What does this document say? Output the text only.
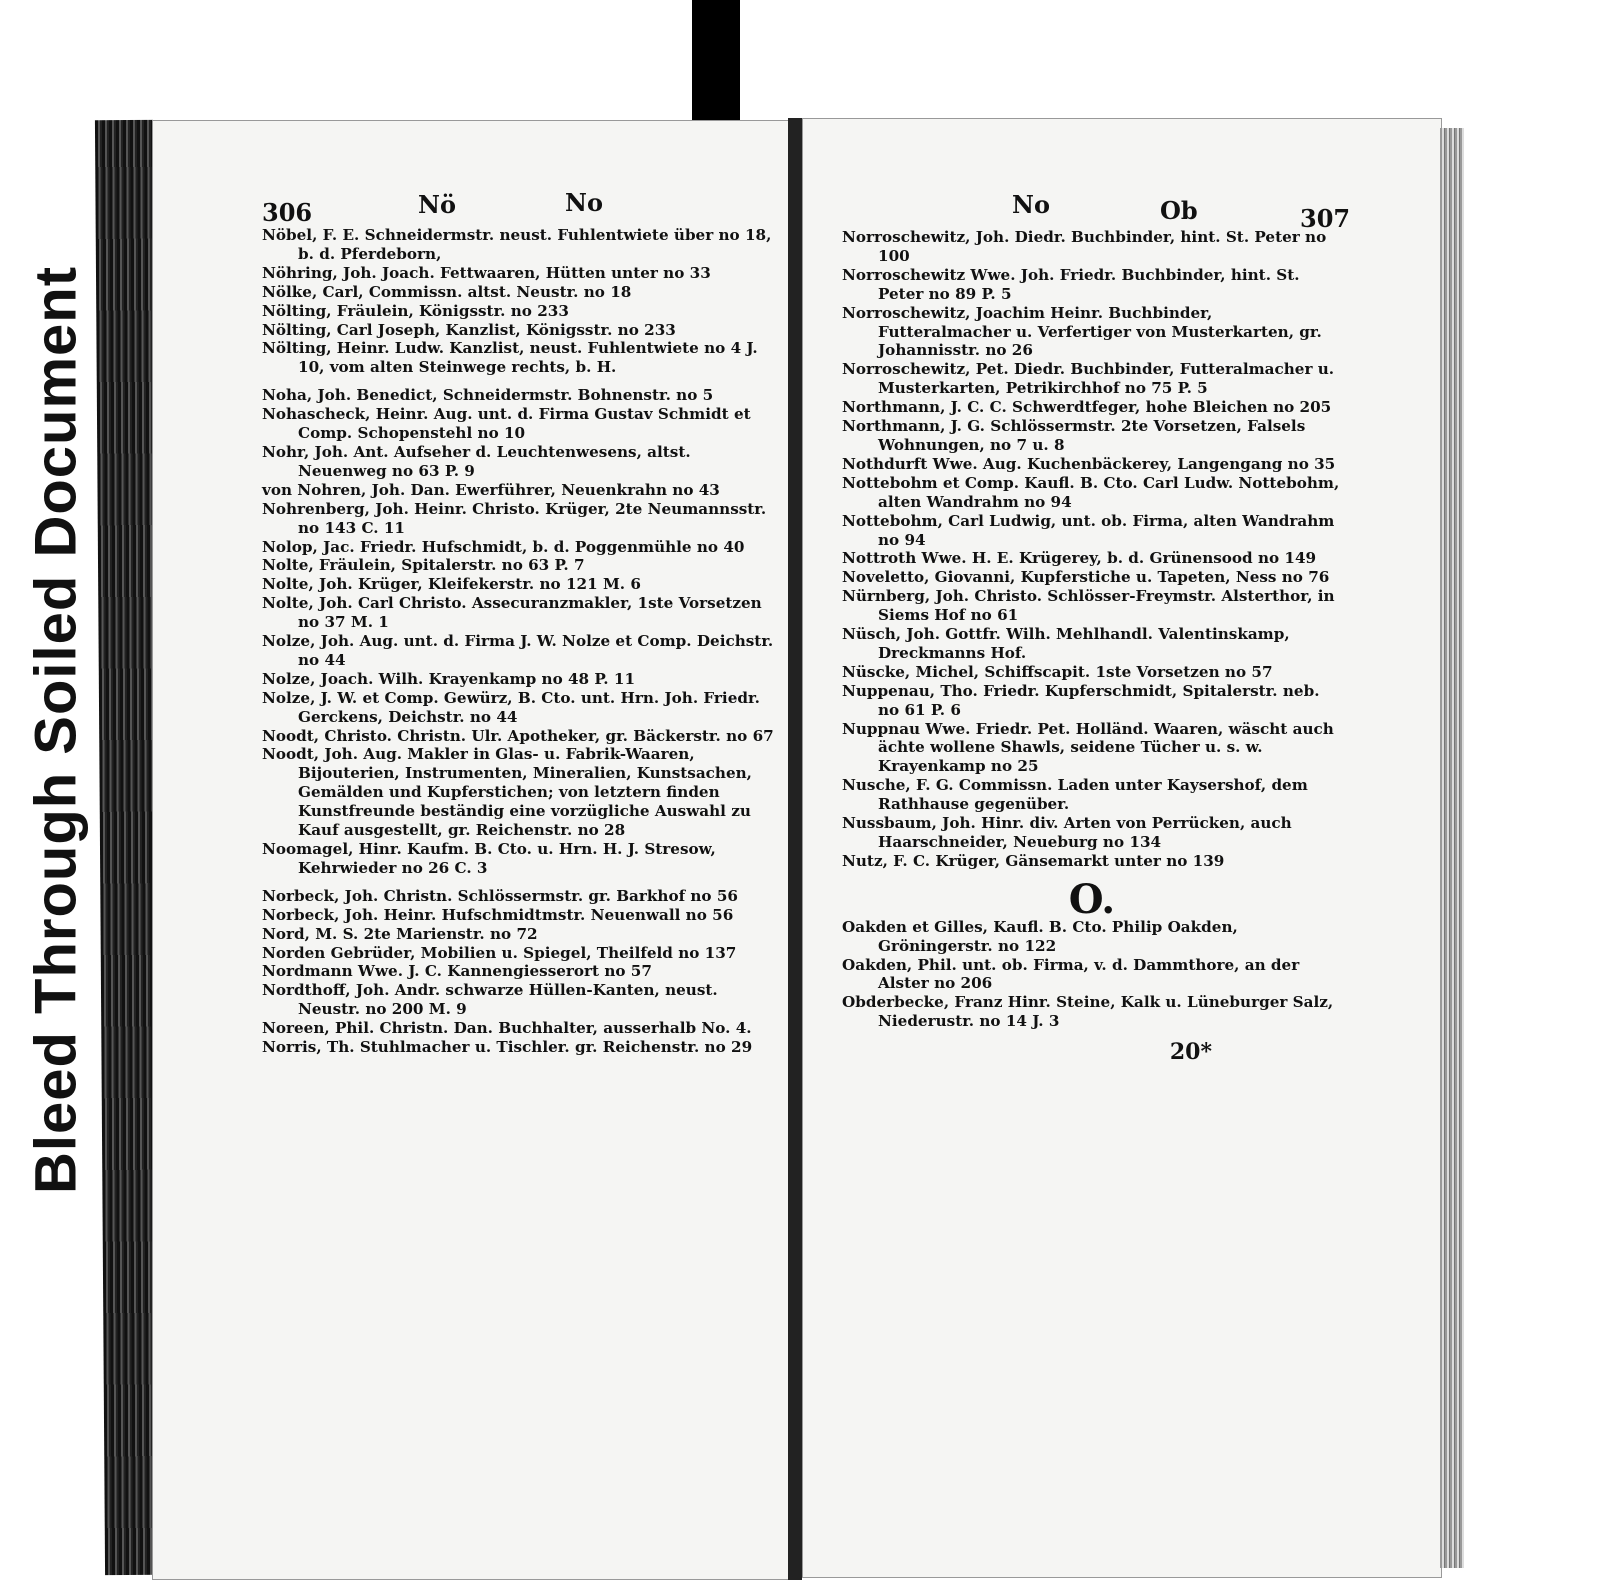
Bleed Through Soiled Document
306	Nö	No

Nöbel, F. E. Schneidermstr. neust. Fuhlentwiete über no 18, b. d. Pferdeborn,

Nöhring, Joh. Joach. Fettwaaren, Hütten unter no 33

Nölke, Carl, Commissn. altst. Neustr. no 18

Nölting, Fräulein, Königsstr. no 233

Nölting, Carl Joseph, Kanzlist, Königsstr. no 233

Nölting, Heinr. Ludw. Kanzlist, neust. Fuhlentwiete no 4 J. 10, vom alten Steinwege rechts, b. H.

Noha, Joh. Benedict, Schneidermstr. Bohnenstr. no 5

Nohascheck, Heinr. Aug. unt. d. Firma Gustav Schmidt et Comp. Schopenstehl no 10

Nohr, Joh. Ant. Aufseher d. Leuchtenwesens, altst. Neuenweg no 63 P. 9

von Nohren, Joh. Dan. Ewerführer, Neuenkrahn no 43

Nohrenberg, Joh. Heinr. Christo. Krüger, 2te Neumannsstr. no 143 C. 11

Nolop, Jac. Friedr. Hufschmidt, b. d. Poggenmühle no 40

Nolte, Fräulein, Spitalerstr. no 63 P. 7

Nolte, Joh. Krüger, Kleifekerstr. no 121 M. 6

Nolte, Joh. Carl Christo. Assecuranzmakler, 1ste Vorsetzen no 37 M. 1

Nolze, Joh. Aug. unt. d. Firma J. W. Nolze et Comp. Deichstr. no 44

Nolze, Joach. Wilh. Krayenkamp no 48 P. 11

Nolze, J. W. et Comp. Gewürz, B. Cto. unt. Hrn. Joh. Friedr. Gerckens, Deichstr. no 44

Noodt, Christo. Christn. Ulr. Apotheker, gr. Bäckerstr. no 67

Noodt, Joh. Aug. Makler in Glas- u. Fabrik-Waaren, Bijouterien, Instrumenten, Mineralien, Kunstsachen, Gemälden und Kupferstichen; von letztern finden Kunstfreunde beständig eine vorzügliche Auswahl zu Kauf ausgestellt, gr. Reichenstr. no 28

Noomagel, Hinr. Kaufm. B. Cto. u. Hrn. H. J. Stresow, Kehrwieder no 26 C. 3

Norbeck, Joh. Christn. Schlössermstr. gr. Barkhof no 56

Norbeck, Joh. Heinr. Hufschmidtmstr. Neuenwall no 56

Nord, M. S. 2te Marienstr. no 72

Norden Gebrüder, Mobilien u. Spiegel, Theilfeld no 137

Nordmann Wwe. J. C. Kannengiesserort no 57

Nordthoff, Joh. Andr. schwarze Hüllen-Kanten, neust. Neustr. no 200 M. 9

Noreen, Phil. Christn. Dan. Buchhalter, ausserhalb No. 4.

Norris, Th. Stuhlmacher u. Tischler. gr. Reichenstr. no 29

No	Ob	307

Norroschewitz, Joh. Diedr. Buchbinder, hint. St. Peter no 100

Norroschewitz Wwe. Joh. Friedr. Buchbinder, hint. St. Peter no 89 P. 5

Norroschewitz, Joachim Heinr. Buchbinder, Futteralmacher u. Verfertiger von Musterkarten, gr. Johannisstr. no 26

Norroschewitz, Pet. Diedr. Buchbinder, Futteralmacher u. Musterkarten, Petrikirchhof no 75 P. 5

Northmann, J. C. C. Schwerdtfeger, hohe Bleichen no 205

Northmann, J. G. Schlössermstr. 2te Vorsetzen, Falsels Wohnungen, no 7 u. 8

Nothdurft Wwe. Aug. Kuchenbäckerey, Langengang no 35

Nottebohm et Comp. Kaufl. B. Cto. Carl Ludw. Nottebohm, alten Wandrahm no 94

Nottebohm, Carl Ludwig, unt. ob. Firma, alten Wandrahm no 94

Nottroth Wwe. H. E. Krügerey, b. d. Grünensood no 149

Noveletto, Giovanni, Kupferstiche u. Tapeten, Ness no 76

Nürnberg, Joh. Christo. Schlösser-Freymstr. Alsterthor, in Siems Hof no 61

Nüsch, Joh. Gottfr. Wilh. Mehlhandl. Valentinskamp, Dreckmanns Hof.

Nüscke, Michel, Schiffscapit. 1ste Vorsetzen no 57

Nuppenau, Tho. Friedr. Kupferschmidt, Spitalerstr. neb. no 61 P. 6

Nuppnau Wwe. Friedr. Pet. Holländ. Waaren, wäscht auch ächte wollene Shawls, seidene Tücher u. s. w. Krayenkamp no 25

Nusche, F. G. Commissn. Laden unter Kaysershof, dem Rathhause gegenüber.

Nussbaum, Joh. Hinr. div. Arten von Perrücken, auch Haarschneider, Neueburg no 134

Nutz, F. C. Krüger, Gänsemarkt unter no 139

O.

Oakden et Gilles, Kaufl. B. Cto. Philip Oakden, Gröningerstr. no 122

Oakden, Phil. unt. ob. Firma, v. d. Dammthore, an der Alster no 206

Obderbecke, Franz Hinr. Steine, Kalk u. Lüneburger Salz, Niederustr. no 14 J. 3

20*
